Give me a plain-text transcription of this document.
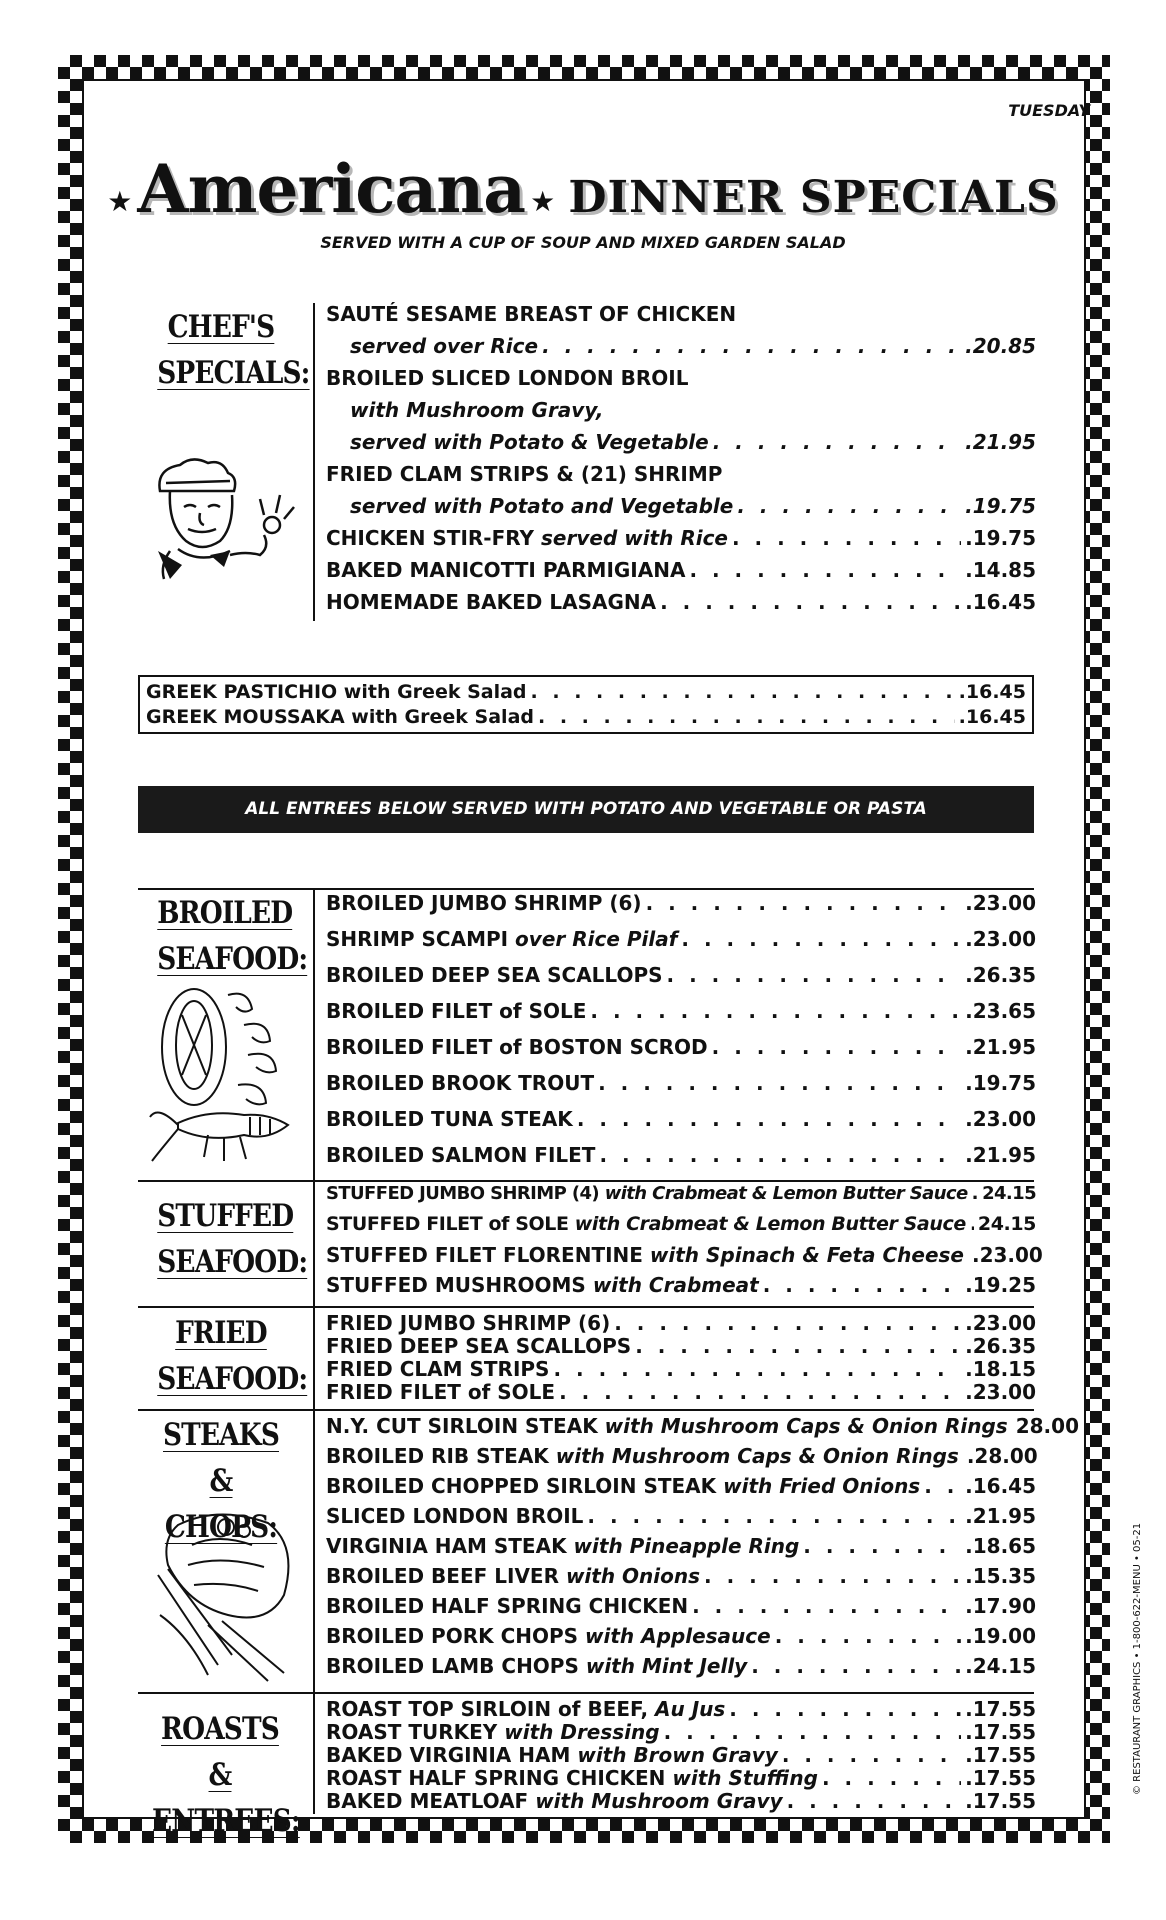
TUESDAY
★ Americana ★ DINNER SPECIALS
SERVED WITH A CUP OF SOUP AND MIXED GARDEN SALAD
CHEF'S
SPECIALS:
SAUTÉ SESAME BREAST OF CHICKEN
served over Rice . . .	.20.85
BROILED SLICED LONDON BROIL
with Mushroom Gravy,
served with Potato & Vegetable . . .	.21.95
FRIED CLAM STRIPS & (21) SHRIMP
served with Potato and Vegetable . . .	.19.75
CHICKEN STIR-FRY
served with Rice . . .	.19.75
BAKED MANICOTTI PARMIGIANA . . .	.14.85
HOMEMADE BAKED LASAGNA . . .	.16.45
GREEK PASTICHIO with Greek Salad . . .	.16.45
GREEK MOUSSAKA with Greek Salad . . .	.16.45
ALL ENTREES BELOW SERVED WITH POTATO AND VEGETABLE OR PASTA
BROILED
SEAFOOD:
BROILED JUMBO SHRIMP (6) . . .	.23.00
SHRIMP SCAMPI
over Rice Pilaf . . .	.23.00
BROILED DEEP SEA SCALLOPS . . .	.26.35
BROILED FILET of SOLE . . .	.23.65
BROILED FILET of BOSTON SCROD . . .	.21.95
BROILED BROOK TROUT . . .	.19.75
BROILED TUNA STEAK . . .	.23.00
BROILED SALMON FILET . . .	.21.95
STUFFED
SEAFOOD:
STUFFED JUMBO SHRIMP (4)
with Crabmeat & Lemon Butter Sauce . . . 24.15
STUFFED FILET of SOLE
with Crabmeat & Lemon Butter Sauce . . . 24.15
STUFFED FILET FLORENTINE
with Spinach & Feta Cheese .23.00
STUFFED MUSHROOMS
with Crabmeat . . .	.19.25
FRIED
SEAFOOD:
FRIED JUMBO SHRIMP (6) . . .	.23.00
FRIED DEEP SEA SCALLOPS . . .	.26.35
FRIED CLAM STRIPS . . .	.18.15
FRIED FILET of SOLE . . .	.23.00
STEAKS
& CHOPS:
N.Y. CUT SIRLOIN STEAK
with Mushroom Caps & Onion Rings 28.00
BROILED RIB STEAK
with Mushroom Caps & Onion Rings .28.00
BROILED CHOPPED SIRLOIN STEAK
with Fried Onions . . . .16.45
SLICED LONDON BROIL . . .	.21.95
VIRGINIA HAM STEAK
with Pineapple Ring . . .	.18.65
BROILED BEEF LIVER
with Onions . . .	.15.35
BROILED HALF SPRING CHICKEN . . .	.17.90
BROILED PORK CHOPS
with Applesauce . . .	.19.00
BROILED LAMB CHOPS
with Mint Jelly . . .	.24.15
ROASTS
& ENTREES:
ROAST TOP SIRLOIN of BEEF,
Au Jus . . .	.17.55
ROAST TURKEY
with Dressing . . .	.17.55
BAKED VIRGINIA HAM
with Brown Gravy . . .	.17.55
ROAST HALF SPRING CHICKEN
with Stuffing . . .	.17.55
BAKED MEATLOAF
with Mushroom Gravy . . .	.17.55
© RESTAURANT GRAPHICS • 1-800-622-MENU • 05-21
